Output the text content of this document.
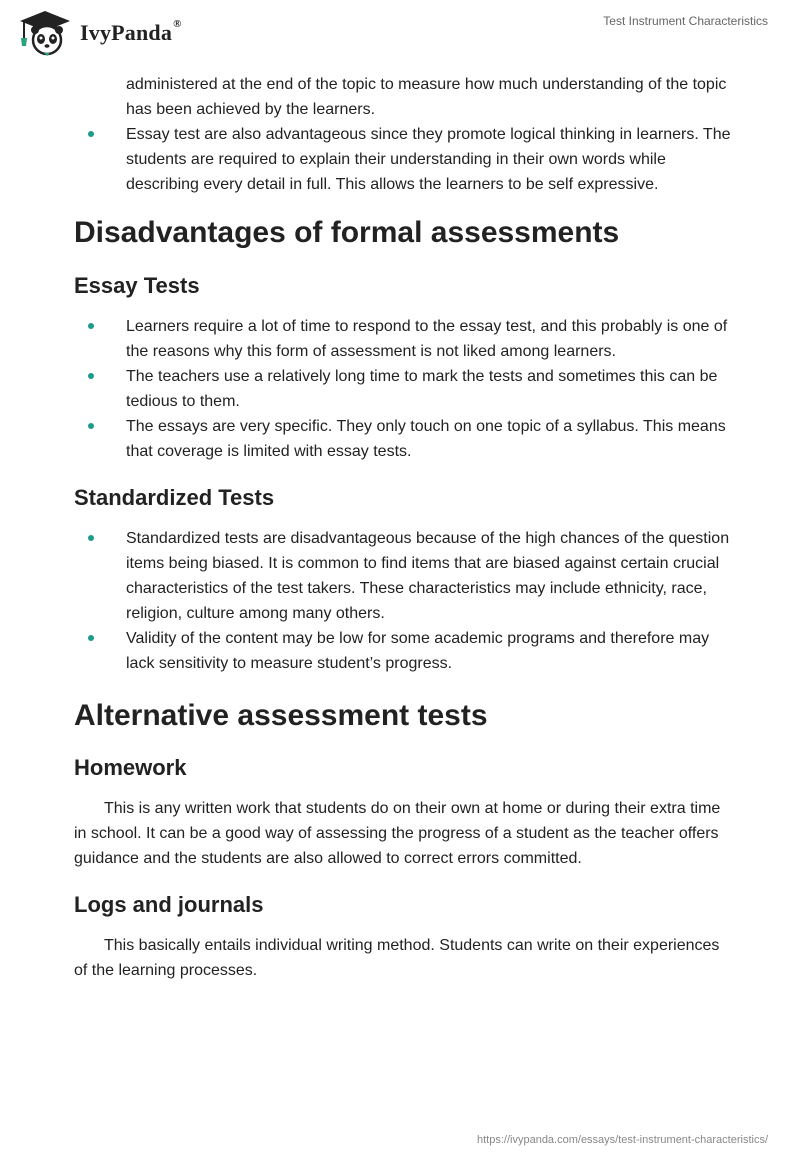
IvyPanda®	Test Instrument Characteristics
administered at the end of the topic to measure how much understanding of the topic has been achieved by the learners.
Essay test are also advantageous since they promote logical thinking in learners. The students are required to explain their understanding in their own words while describing every detail in full. This allows the learners to be self expressive.
Disadvantages of formal assessments
Essay Tests
Learners require a lot of time to respond to the essay test, and this probably is one of the reasons why this form of assessment is not liked among learners.
The teachers use a relatively long time to mark the tests and sometimes this can be tedious to them.
The essays are very specific. They only touch on one topic of a syllabus. This means that coverage is limited with essay tests.
Standardized Tests
Standardized tests are disadvantageous because of the high chances of the question items being biased. It is common to find items that are biased against certain crucial characteristics of the test takers. These characteristics may include ethnicity, race, religion, culture among many others.
Validity of the content may be low for some academic programs and therefore may lack sensitivity to measure student’s progress.
Alternative assessment tests
Homework

This is any written work that students do on their own at home or during their extra time in school. It can be a good way of assessing the progress of a student as the teacher offers guidance and the students are also allowed to correct errors committed.

Logs and journals

This basically entails individual writing method. Students can write on their experiences of the learning processes.

https://ivypanda.com/essays/test-instrument-characteristics/
